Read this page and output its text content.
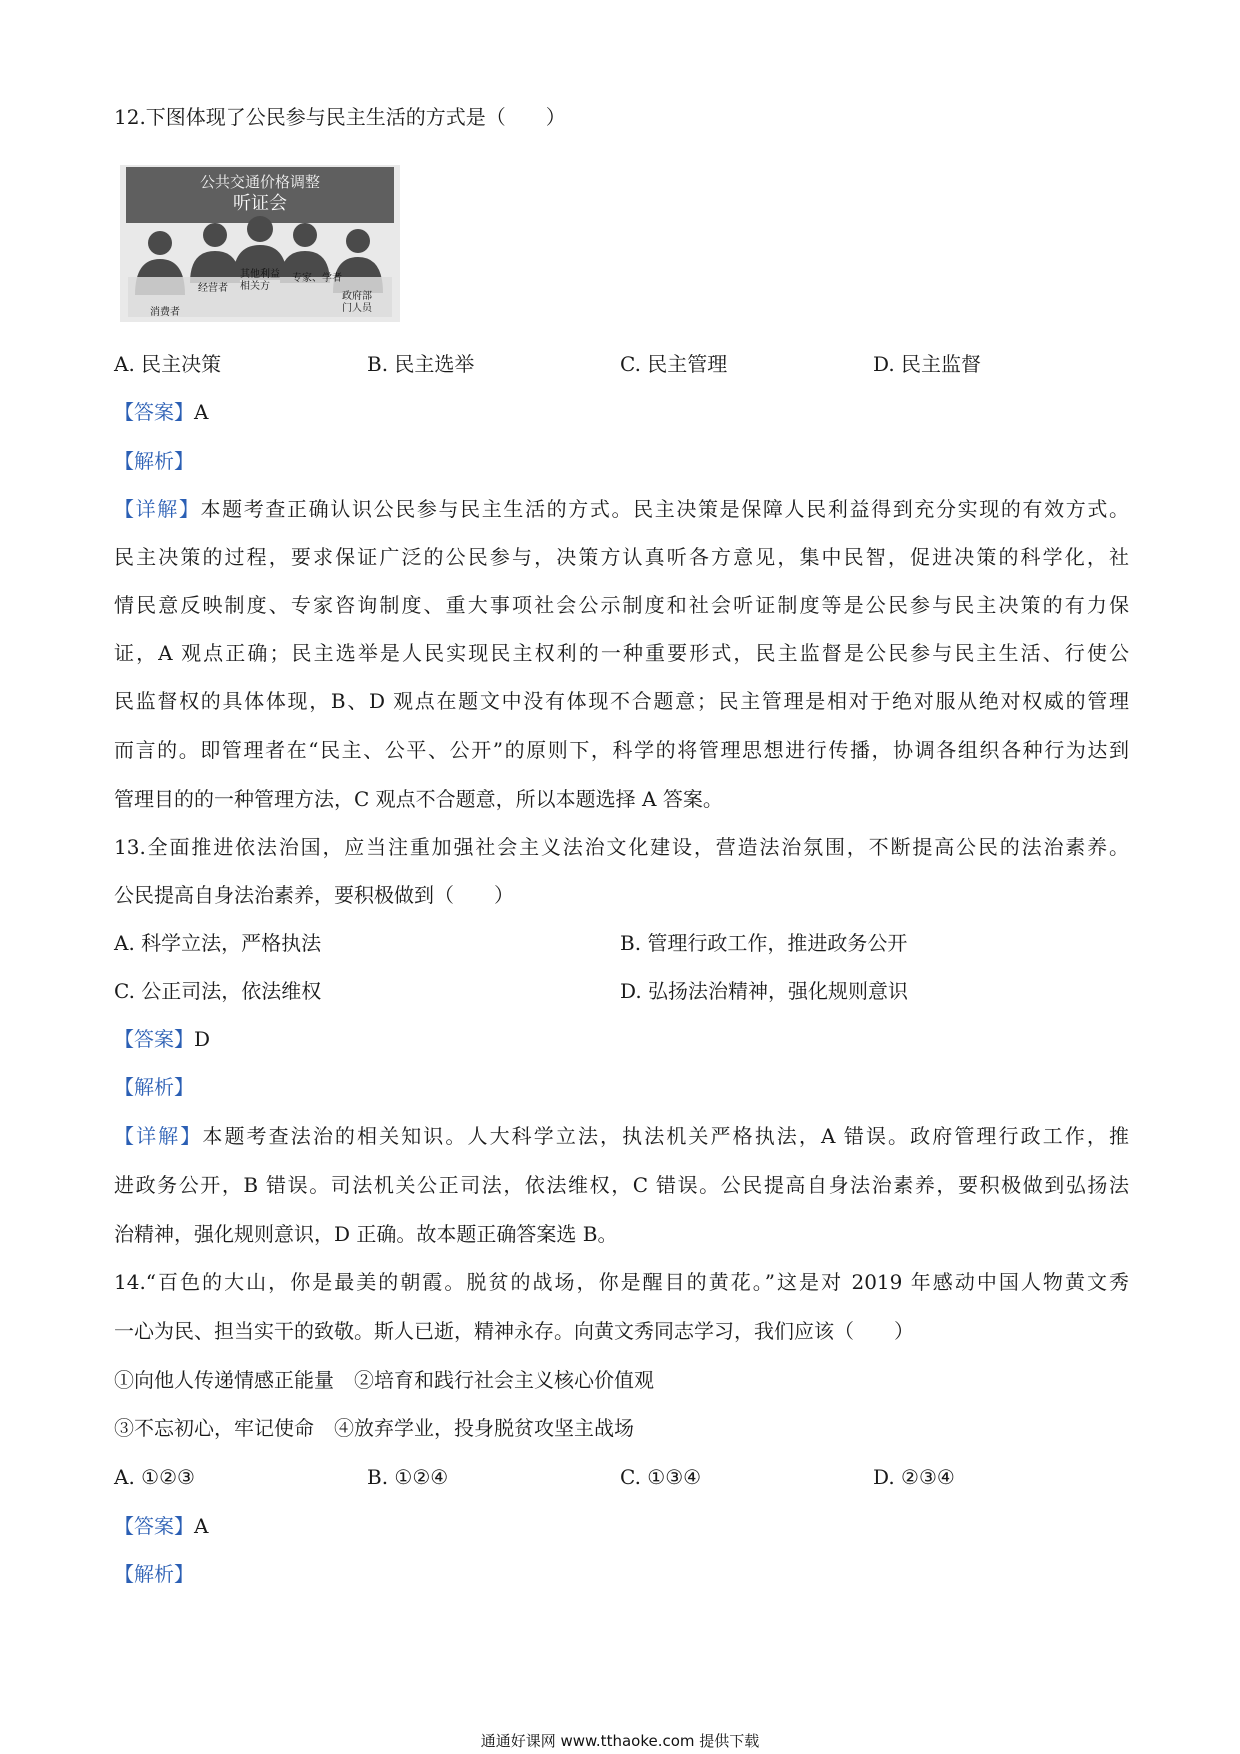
12.下图体现了公民参与民主生活的方式是（　　）
公共交通价格调整
听证会
消费者
经营者
其他利益
相关方
专家、学者
政府部
门人员
A. 民主决策	B. 民主选举	C. 民主管理	D. 民主监督
【答案】A
【解析】
【详解】本题考查正确认识公民参与民主生活的方式。民主决策是保障人民利益得到充分实现的有效方式。
民主决策的过程，要求保证广泛的公民参与，决策方认真听各方意见，集中民智，促进决策的科学化，社
情民意反映制度、专家咨询制度、重大事项社会公示制度和社会听证制度等是公民参与民主决策的有力保
证，A 观点正确；民主选举是人民实现民主权利的一种重要形式，民主监督是公民参与民主生活、行使公
民监督权的具体体现，B、D 观点在题文中没有体现不合题意；民主管理是相对于绝对服从绝对权威的管理
而言的。即管理者在“民主、公平、公开”的原则下，科学的将管理思想进行传播，协调各组织各种行为达到
管理目的的一种管理方法，C 观点不合题意，所以本题选择 A 答案。
13.全面推进依法治国，应当注重加强社会主义法治文化建设，营造法治氛围，不断提高公民的法治素养。
公民提高自身法治素养，要积极做到（　　）
A. 科学立法，严格执法	B. 管理行政工作，推进政务公开
C. 公正司法，依法维权	D. 弘扬法治精神，强化规则意识
【答案】D
【解析】
【详解】本题考查法治的相关知识。人大科学立法，执法机关严格执法，A 错误。政府管理行政工作，推
进政务公开，B 错误。司法机关公正司法，依法维权，C 错误。公民提高自身法治素养，要积极做到弘扬法
治精神，强化规则意识，D 正确。故本题正确答案选 B。
14.“百色的大山，你是最美的朝霞。脱贫的战场，你是醒目的黄花。”这是对 2019 年感动中国人物黄文秀
一心为民、担当实干的致敬。斯人已逝，精神永存。向黄文秀同志学习，我们应该（　　）
①向他人传递情感正能量　②培育和践行社会主义核心价值观
③不忘初心，牢记使命　④放弃学业，投身脱贫攻坚主战场
A. ①②③	B. ①②④	C. ①③④	D. ②③④
【答案】A
【解析】
通通好课网 www.tthaoke.com 提供下载
